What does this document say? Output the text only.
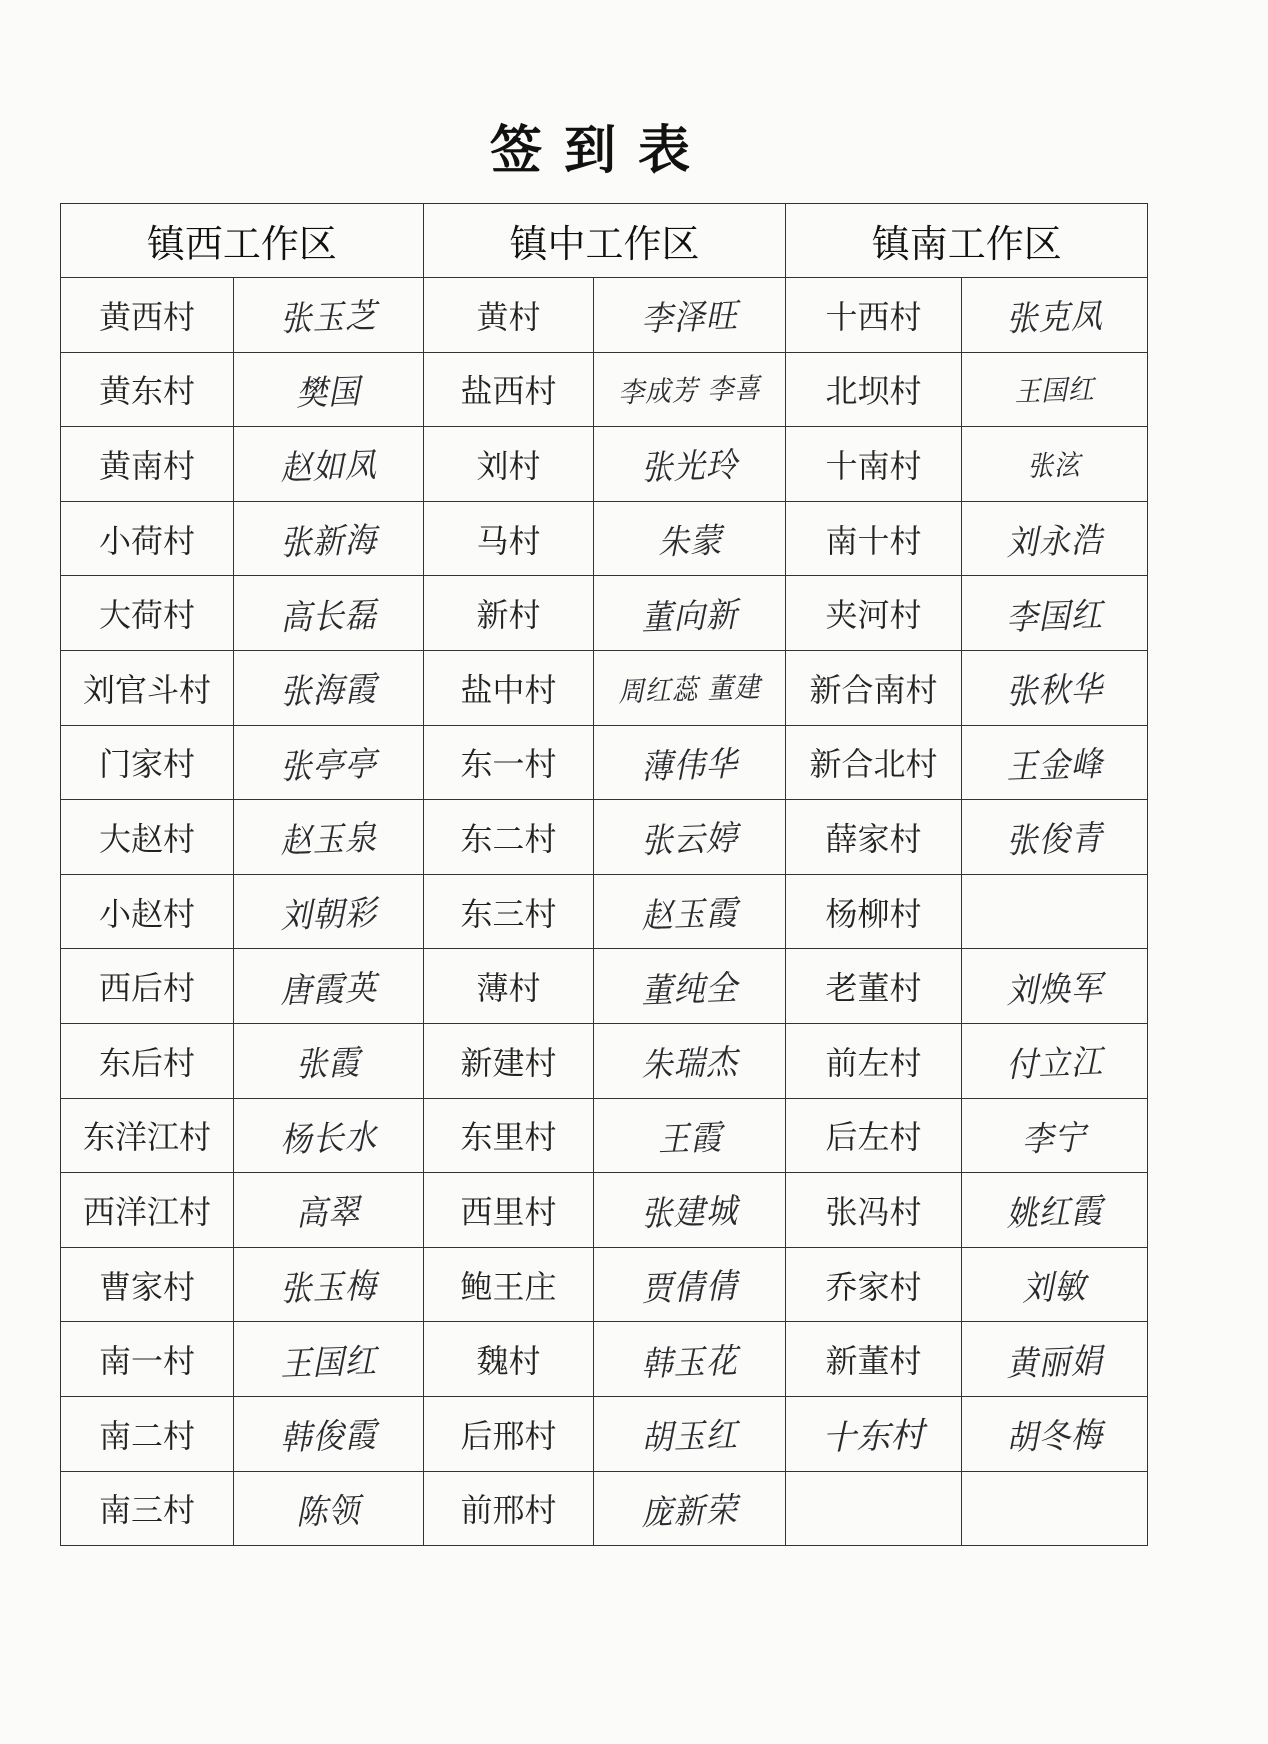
签到表
镇西工作区		镇中工作区		镇南工作区	
黄西村	张玉芝	黄村	李泽旺	十西村	张克凤
黄东村	樊国	盐西村	李成芳 李喜	北坝村	王国红
黄南村	赵如凤	刘村	张光玲	十南村	张泫
小荷村	张新海	马村	朱蒙	南十村	刘永浩
大荷村	高长磊	新村	董向新	夹河村	李国红
刘官斗村	张海霞	盐中村	周红蕊 董建	新合南村	张秋华
门家村	张亭亭	东一村	薄伟华	新合北村	王金峰
大赵村	赵玉泉	东二村	张云婷	薛家村	张俊青
小赵村	刘朝彩	东三村	赵玉霞	杨柳村	
西后村	唐霞英	薄村	董纯全	老董村	刘焕军
东后村	张霞	新建村	朱瑞杰	前左村	付立江
东洋江村	杨长水	东里村	王霞	后左村	李宁
西洋江村	高翠	西里村	张建城	张冯村	姚红霞
曹家村	张玉梅	鲍王庄	贾倩倩	乔家村	刘敏
南一村	王国红	魏村	韩玉花	新董村	黄丽娟
南二村	韩俊霞	后邢村	胡玉红	十东村	胡冬梅
南三村	陈领	前邢村	庞新荣		
